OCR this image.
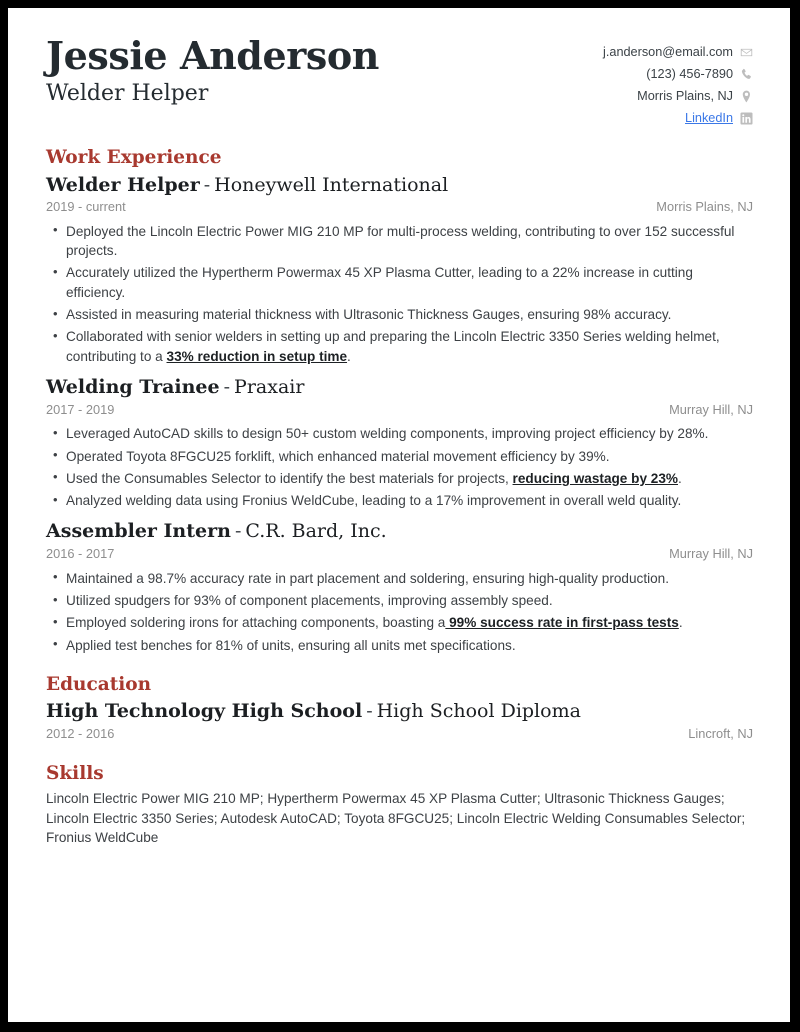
Jessie Anderson
Welder Helper
j.anderson@email.com
(123) 456-7890
Morris Plains, NJ
LinkedIn
Work Experience
Welder Helper - Honeywell International
2019 - current	Morris Plains, NJ
• Deployed the Lincoln Electric Power MIG 210 MP for multi-process welding, contributing to over 152 successful projects.
• Accurately utilized the Hypertherm Powermax 45 XP Plasma Cutter, leading to a 22% increase in cutting efficiency.
• Assisted in measuring material thickness with Ultrasonic Thickness Gauges, ensuring 98% accuracy.
• Collaborated with senior welders in setting up and preparing the Lincoln Electric 3350 Series welding helmet, contributing to a 33% reduction in setup time.
Welding Trainee - Praxair
2017 - 2019	Murray Hill, NJ
• Leveraged AutoCAD skills to design 50+ custom welding components, improving project efficiency by 28%.
• Operated Toyota 8FGCU25 forklift, which enhanced material movement efficiency by 39%.
• Used the Consumables Selector to identify the best materials for projects, reducing wastage by 23%.
• Analyzed welding data using Fronius WeldCube, leading to a 17% improvement in overall weld quality.
Assembler Intern - C.R. Bard, Inc.
2016 - 2017	Murray Hill, NJ
• Maintained a 98.7% accuracy rate in part placement and soldering, ensuring high-quality production.
• Utilized spudgers for 93% of component placements, improving assembly speed.
• Employed soldering irons for attaching components, boasting a 99% success rate in first-pass tests.
• Applied test benches for 81% of units, ensuring all units met specifications.
Education
High Technology High School - High School Diploma
2012 - 2016	Lincroft, NJ
Skills

Lincoln Electric Power MIG 210 MP; Hypertherm Powermax 45 XP Plasma Cutter; Ultrasonic Thickness Gauges; Lincoln Electric 3350 Series; Autodesk AutoCAD; Toyota 8FGCU25; Lincoln Electric Welding Consumables Selector; Fronius WeldCube
